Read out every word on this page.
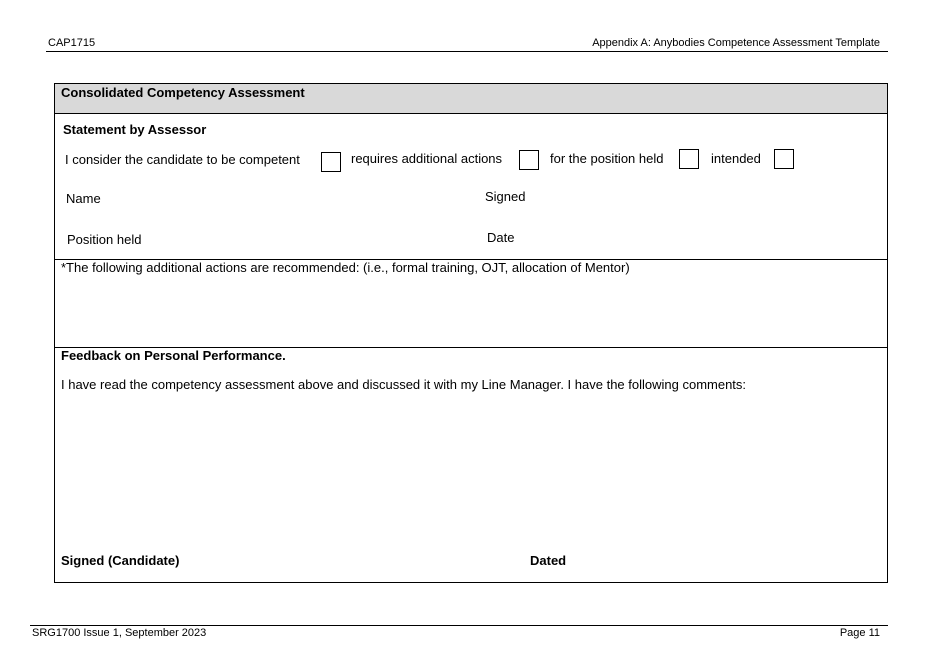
CAP1715	Appendix A: Anybodies Competence Assessment Template
Consolidated Competency Assessment
Statement by Assessor
I consider the candidate to be competent	requires additional actions	for the position held	intended
Name	Signed
Position held	Date
*The following additional actions are recommended: (i.e., formal training, OJT, allocation of Mentor)
Feedback on Personal Performance.
I have read the competency assessment above and discussed it with my Line Manager. I have the following comments:
Signed (Candidate)	Dated
SRG1700 Issue 1, September 2023	Page 11
